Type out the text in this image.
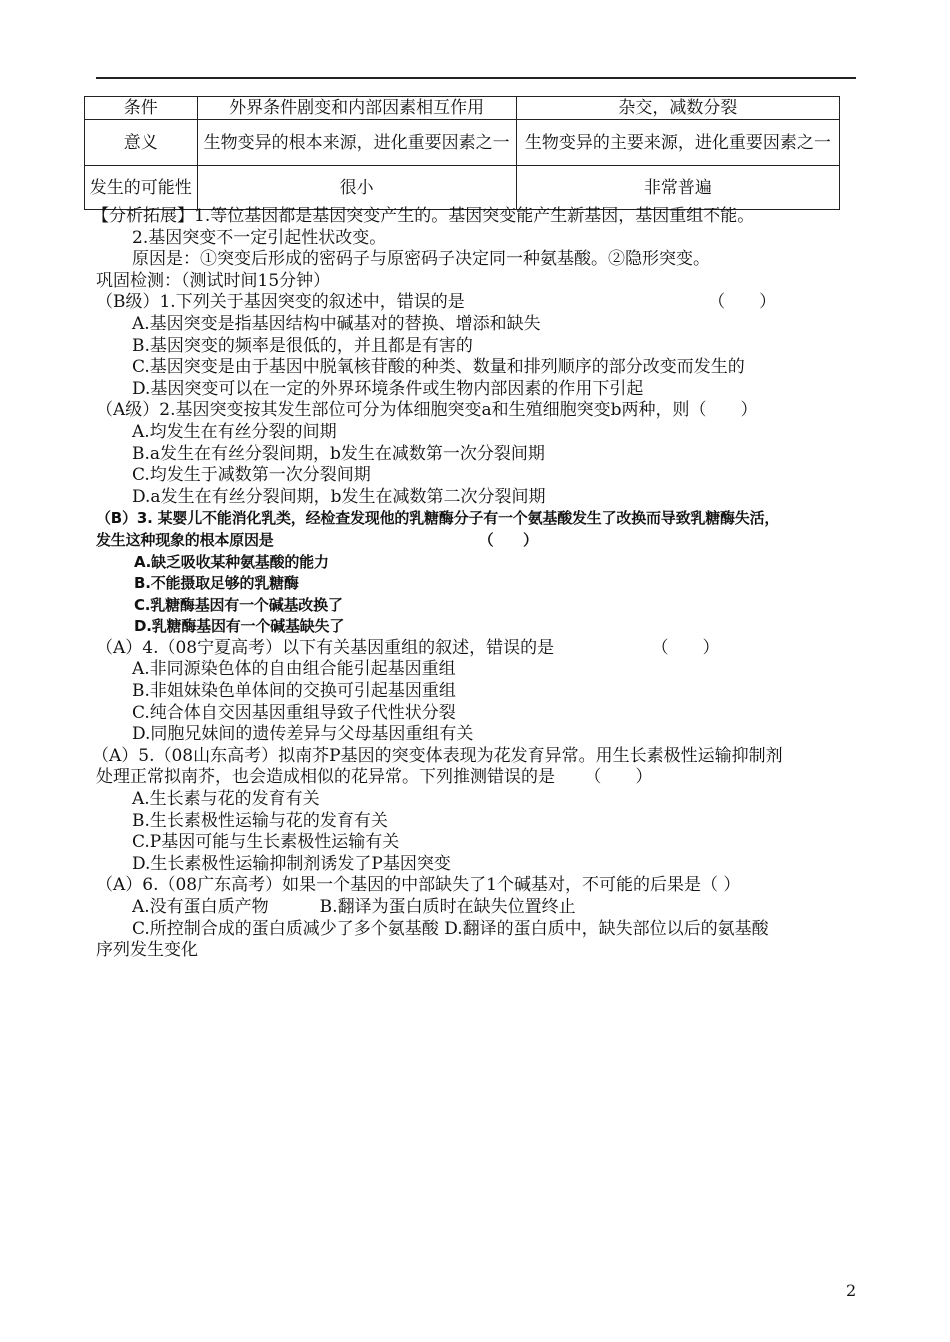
条件	外界条件剧变和内部因素相互作用	杂交，减数分裂
意义	生物变异的根本来源，进化重要因素之一	生物变异的主要来源，进化重要因素之一
发生的可能性	很小	非常普遍
【分析拓展】1.等位基因都是基因突变产生的。基因突变能产生新基因，基因重组不能。
2.基因突变不一定引起性状改变。
原因是：①突变后形成的密码子与原密码子决定同一种氨基酸。②隐形突变。
巩固检测：（测试时间15分钟）
（B级）1.下列关于基因突变的叙述中，错误的是	（　　）
A.基因突变是指基因结构中碱基对的替换、增添和缺失
B.基因突变的频率是很低的，并且都是有害的
C.基因突变是由于基因中脱氧核苷酸的种类、数量和排列顺序的部分改变而发生的
D.基因突变可以在一定的外界环境条件或生物内部因素的作用下引起
（A级）2.基因突变按其发生部位可分为体细胞突变a和生殖细胞突变b两种，则（　　）
A.均发生在有丝分裂的间期
B.a发生在有丝分裂间期，b发生在减数第一次分裂间期
C.均发生于减数第一次分裂间期
D.a发生在有丝分裂间期，b发生在减数第二次分裂间期
（B）3. 某婴儿不能消化乳类，经检查发现他的乳糖酶分子有一个氨基酸发生了改换而导致乳糖酶失活，
发生这种现象的根本原因是	（　　）
A.缺乏吸收某种氨基酸的能力
B.不能摄取足够的乳糖酶
C.乳糖酶基因有一个碱基改换了
D.乳糖酶基因有一个碱基缺失了
（A）4.（08宁夏高考）以下有关基因重组的叙述，错误的是	（　　）
A.非同源染色体的自由组合能引起基因重组
B.非姐妹染色单体间的交换可引起基因重组
C.纯合体自交因基因重组导致子代性状分裂
D.同胞兄妹间的遗传差异与父母基因重组有关
（A）5.（08山东高考）拟南芥P基因的突变体表现为花发育异常。用生长素极性运输抑制剂
处理正常拟南芥，也会造成相似的花异常。下列推测错误的是 （　　）
A.生长素与花的发育有关
B.生长素极性运输与花的发育有关
C.P基因可能与生长素极性运输有关
D.生长素极性运输抑制剂诱发了P基因突变
（A）6.（08广东高考）如果一个基因的中部缺失了1个碱基对，不可能的后果是（ ）
A.没有蛋白质产物　　　B.翻译为蛋白质时在缺失位置终止
C.所控制合成的蛋白质减少了多个氨基酸 D.翻译的蛋白质中，缺失部位以后的氨基酸
序列发生变化
2
